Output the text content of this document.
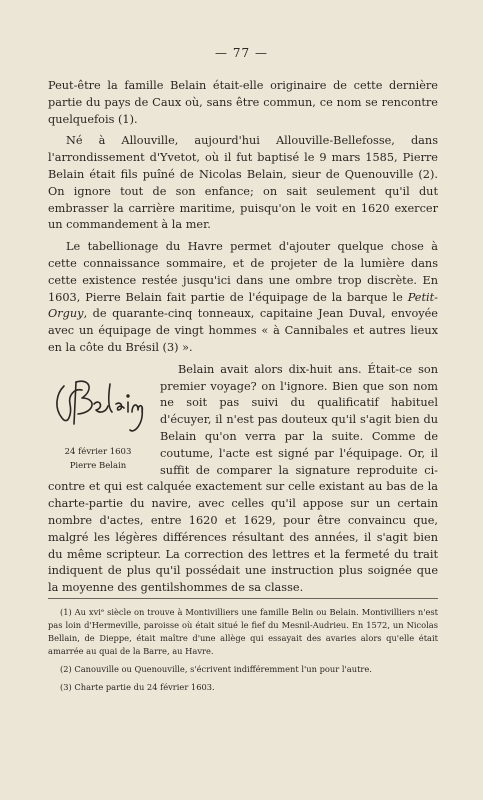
— 77 —

Peut-être la famille Belain était-elle originaire de cette dernière partie du pays de Caux où, sans être commun, ce nom se rencontre quelquefois (1).

Né à Allouville, aujourd'hui Allouville-Bellefosse, dans l'arrondissement d'Yvetot, où il fut baptisé le 9 mars 1585, Pierre Belain était fils puîné de Nicolas Belain, sieur de Quenouville (2). On ignore tout de son enfance; on sait seulement qu'il dut embrasser la carrière maritime, puisqu'on le voit en 1620 exercer un commandement à la mer.

Le tabellionage du Havre permet d'ajouter quelque chose à cette connaissance sommaire, et de projeter de la lumière dans cette existence restée jusqu'ici dans une ombre trop discrète. En 1603, Pierre Belain fait partie de l'équipage de la barque le Petit-Orguy, de quarante-cinq tonneaux, capitaine Jean Duval, envoyée avec un équipage de vingt hommes « à Cannibales et autres lieux en la côte du Brésil (3) ».

24 février 1603
Pierre Belain

Belain avait alors dix-huit ans. Était-ce son premier voyage? on l'ignore. Bien que son nom ne soit pas suivi du qualificatif habituel d'écuyer, il n'est pas douteux qu'il s'agit bien du Belain qu'on verra par la suite. Comme de coutume, l'acte est signé par l'équipage. Or, il suffit de comparer la signature reproduite ci-contre et qui est calquée exactement sur celle existant au bas de la charte-partie du navire, avec celles qu'il appose sur un certain nombre d'actes, entre 1620 et 1629, pour être convaincu que, malgré les légères différences résultant des années, il s'agit bien du même scripteur. La correction des lettres et la fermeté du trait indiquent de plus qu'il possédait une instruction plus soignée que la moyenne des gentilshommes de sa classe.

(1) Au xviᵉ siècle on trouve à Montivilliers une famille Belin ou Belain. Montivilliers n'est pas loin d'Hermeville, paroisse où était situé le fief du Mesnil-Audrieu. En 1572, un Nicolas Bellain, de Dieppe, était maître d'une allège qui essayait des avaries alors qu'elle était amarrée au quai de la Barre, au Havre.

(2) Canouville ou Quenouville, s'écrivent indifféremment l'un pour l'autre.

(3) Charte partie du 24 février 1603.
